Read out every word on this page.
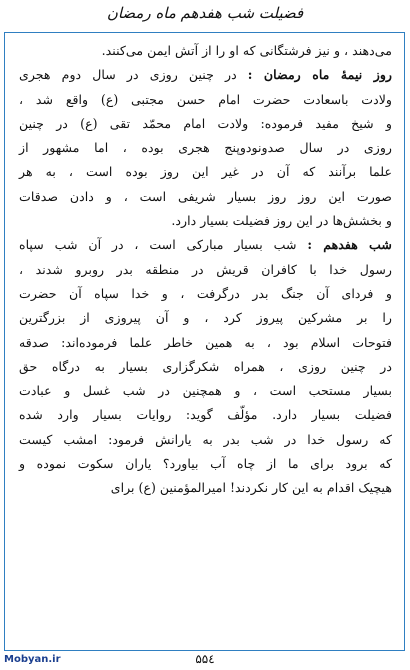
فضیلت شب هفدهم ماه رمضان

می‌دهند ، و نیز فرشتگانی که او را از آتش ایمن می‌کنند.

روز نیمهٔ ماه رمضان : در چنین روزی در سال دوم هجری
ولادت باسعادت حضرت امام حسن مجتبی (ع) واقع شد ،
و شیخ مفید فرموده: ولادت امام محمّد تقی (ع) در چنین
روزی در سال صدونودوپنج هجری بوده ، اما مشهور از
علما برآنند که آن در غیر این روز بوده است ، به هر
صورت این روز روز بسیار شریفی است ، و دادن صدقات
و بخشش‌ها در این روز فضیلت بسیار دارد.

شب هفدهم : شب بسیار مبارکی است ، در آن شب سپاه
رسول خدا با کافران قریش در منطقه بدر روبرو شدند ،
و فردای آن جنگ بدر درگرفت ، و خدا سپاه آن حضرت
را بر مشرکین پیروز کرد ، و آن پیروزی از بزرگترین
فتوحات اسلام بود ، به همین خاطر علما فرموده‌اند: صدقه
در چنین روزی ، همراه شکرگزاری بسیار به درگاه حق
بسیار مستحب است ، و همچنین در شب غسل و عبادت
فضیلت بسیار دارد. مؤلّف گوید: روایات بسیار وارد شده
که رسول خدا در شب بدر به یارانش فرمود: امشب کیست
که برود برای ما از چاه آب بیاورد؟ یاران سکوت نموده و
هیچیک اقدام به این کار نکردند! امیرالمؤمنین (ع) برای

Mobyan.ir	۵۵٤
